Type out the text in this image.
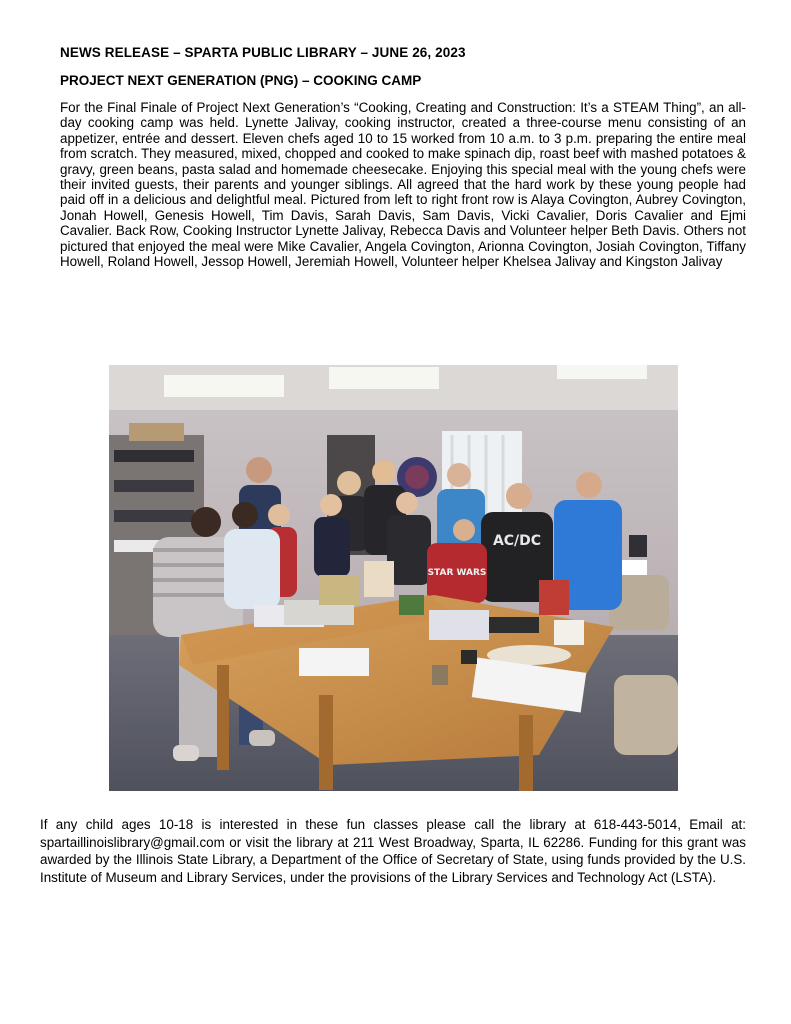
NEWS RELEASE – SPARTA PUBLIC LIBRARY – JUNE 26, 2023
PROJECT NEXT GENERATION (PNG) – COOKING CAMP
For the Final Finale of Project Next Generation’s “Cooking, Creating and Construction: It’s a STEAM Thing”, an all-day cooking camp was held. Lynette Jalivay, cooking instructor, created a three-course menu consisting of an appetizer, entrée and dessert. Eleven chefs aged 10 to 15 worked from 10 a.m. to 3 p.m. preparing the entire meal from scratch. They measured, mixed, chopped and cooked to make spinach dip, roast beef with mashed potatoes & gravy, green beans, pasta salad and homemade cheesecake. Enjoying this special meal with the young chefs were their invited guests, their parents and younger siblings. All agreed that the hard work by these young people had paid off in a delicious and delightful meal. Pictured from left to right front row is Alaya Covington, Aubrey Covington, Jonah Howell, Genesis Howell, Tim Davis, Sarah Davis, Sam Davis, Vicki Cavalier, Doris Cavalier and Ejmi Cavalier. Back Row, Cooking Instructor Lynette Jalivay, Rebecca Davis and Volunteer helper Beth Davis. Others not pictured that enjoyed the meal were Mike Cavalier, Angela Covington, Arionna Covington, Josiah Covington, Tiffany Howell, Roland Howell, Jessop Howell, Jeremiah Howell, Volunteer helper Khelsea Jalivay and Kingston Jalivay
AC/DC
STAR WARS
If any child ages 10-18 is interested in these fun classes please call the library at 618-443-5014, Email at: spartaillinoislibrary@gmail.com or visit the library at 211 West Broadway, Sparta, IL 62286. Funding for this grant was awarded by the Illinois State Library, a Department of the Office of Secretary of State, using funds provided by the U.S. Institute of Museum and Library Services, under the provisions of the Library Services and Technology Act (LSTA).
